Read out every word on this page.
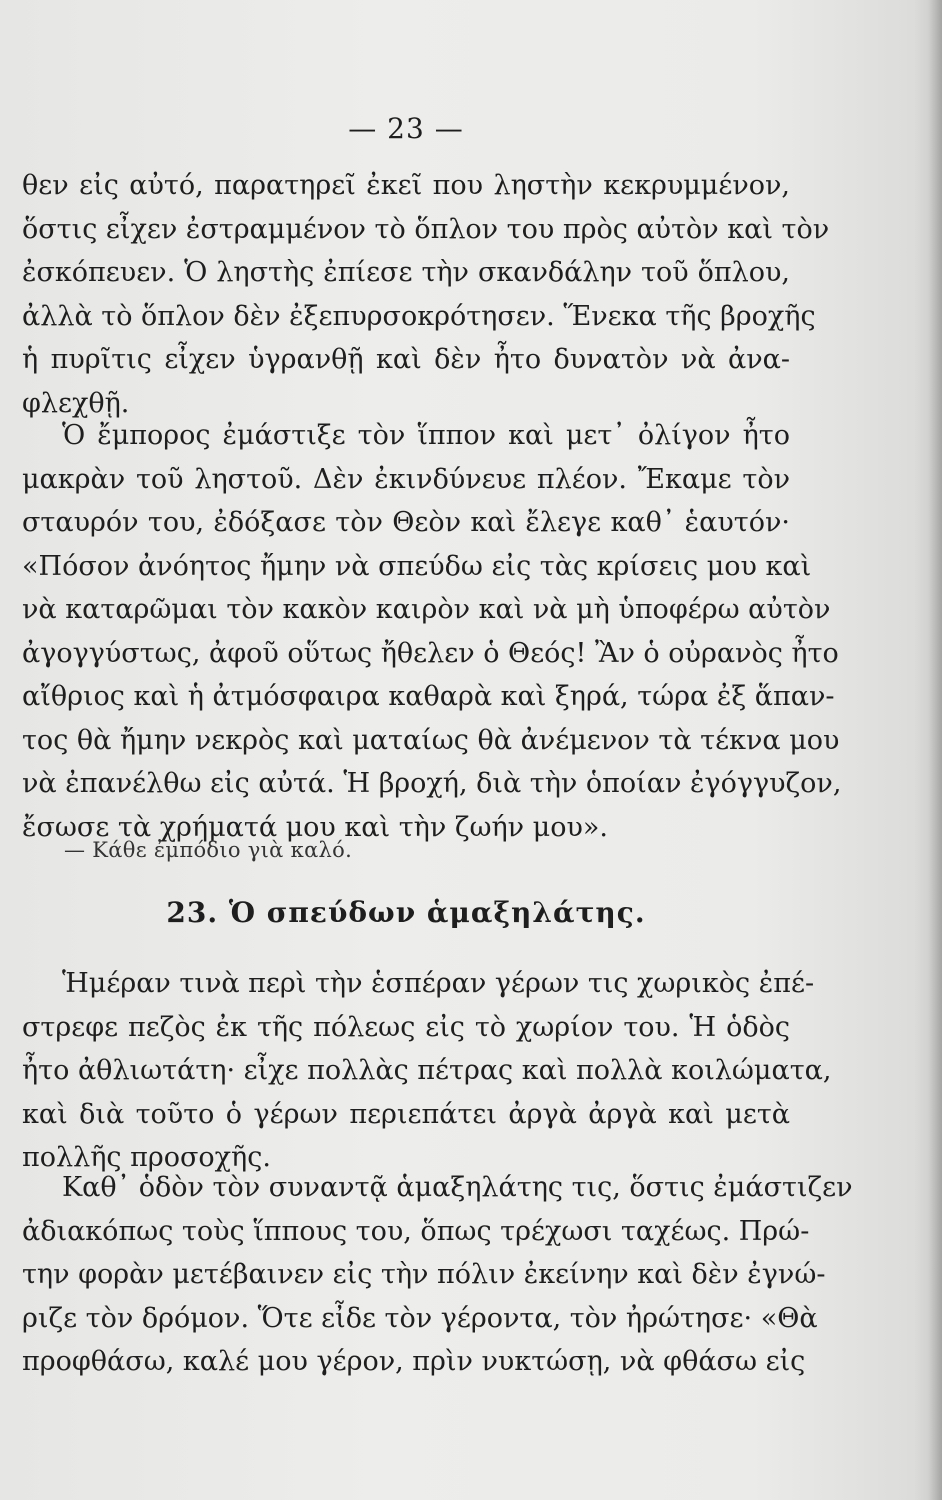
— 23 —
θεν εἰς αὐτό, παρατηρεῖ ἐκεῖ που ληστὴν κεκρυμμένον,
ὅστις εἶχεν ἐστραμμένον τὸ ὅπλον του πρὸς αὐτὸν καὶ τὸν
ἐσκόπευεν. Ὁ ληστὴς ἐπίεσε τὴν σκανδάλην τοῦ ὅπλου,
ἀλλὰ τὸ ὅπλον δὲν ἐξεπυρσοκρότησεν. Ἕνεκα τῆς βροχῆς
ἡ πυρῖτις εἶχεν ὑγρανθῇ καὶ δὲν ἦτο δυνατὸν νὰ ἀνα-
φλεχθῇ.
Ὁ ἔμπορος ἐμάστιξε τὸν ἵππον καὶ μετ᾽ ὀλίγον ἦτο
μακρὰν τοῦ ληστοῦ. Δὲν ἐκινδύνευε πλέον. Ἔκαμε τὸν
σταυρόν του, ἐδόξασε τὸν Θεὸν καὶ ἔλεγε καθ᾽ ἑαυτόν·
«Πόσον ἀνόητος ἤμην νὰ σπεύδω εἰς τὰς κρίσεις μου καὶ
νὰ καταρῶμαι τὸν κακὸν καιρὸν καὶ νὰ μὴ ὑποφέρω αὐτὸν
ἀγογγύστως, ἀφοῦ οὕτως ἤθελεν ὁ Θεός! Ἂν ὁ οὐρανὸς ἦτο
αἴθριος καὶ ἡ ἀτμόσφαιρα καθαρὰ καὶ ξηρά, τώρα ἐξ ἅπαν-
τος θὰ ἤμην νεκρὸς καὶ ματαίως θὰ ἀνέμενον τὰ τέκνα μου
νὰ ἐπανέλθω εἰς αὐτά. Ἡ βροχή, διὰ τὴν ὁποίαν ἐγόγγυζον,
ἔσωσε τὰ χρήματά μου καὶ τὴν ζωήν μου».
— Κάθε ἐμπόδιο γιὰ καλό.
23. Ὁ σπεύδων ἁμαξηλάτης.
Ἡμέραν τινὰ περὶ τὴν ἑσπέραν γέρων τις χωρικὸς ἐπέ-
στρεφε πεζὸς ἐκ τῆς πόλεως εἰς τὸ χωρίον του. Ἡ ὁδὸς
ἦτο ἀθλιωτάτη· εἶχε πολλὰς πέτρας καὶ πολλὰ κοιλώματα,
καὶ διὰ τοῦτο ὁ γέρων περιεπάτει ἀργὰ ἀργὰ καὶ μετὰ
πολλῆς προσοχῆς.
Καθ᾽ ὁδὸν τὸν συναντᾷ ἁμαξηλάτης τις, ὅστις ἐμάστιζεν
ἀδιακόπως τοὺς ἵππους του, ὅπως τρέχωσι ταχέως. Πρώ-
την φορὰν μετέβαινεν εἰς τὴν πόλιν ἐκείνην καὶ δὲν ἐγνώ-
ριζε τὸν δρόμον. Ὅτε εἶδε τὸν γέροντα, τὸν ἠρώτησε· «Θὰ
προφθάσω, καλέ μου γέρον, πρὶν νυκτώσῃ, νὰ φθάσω εἰς
